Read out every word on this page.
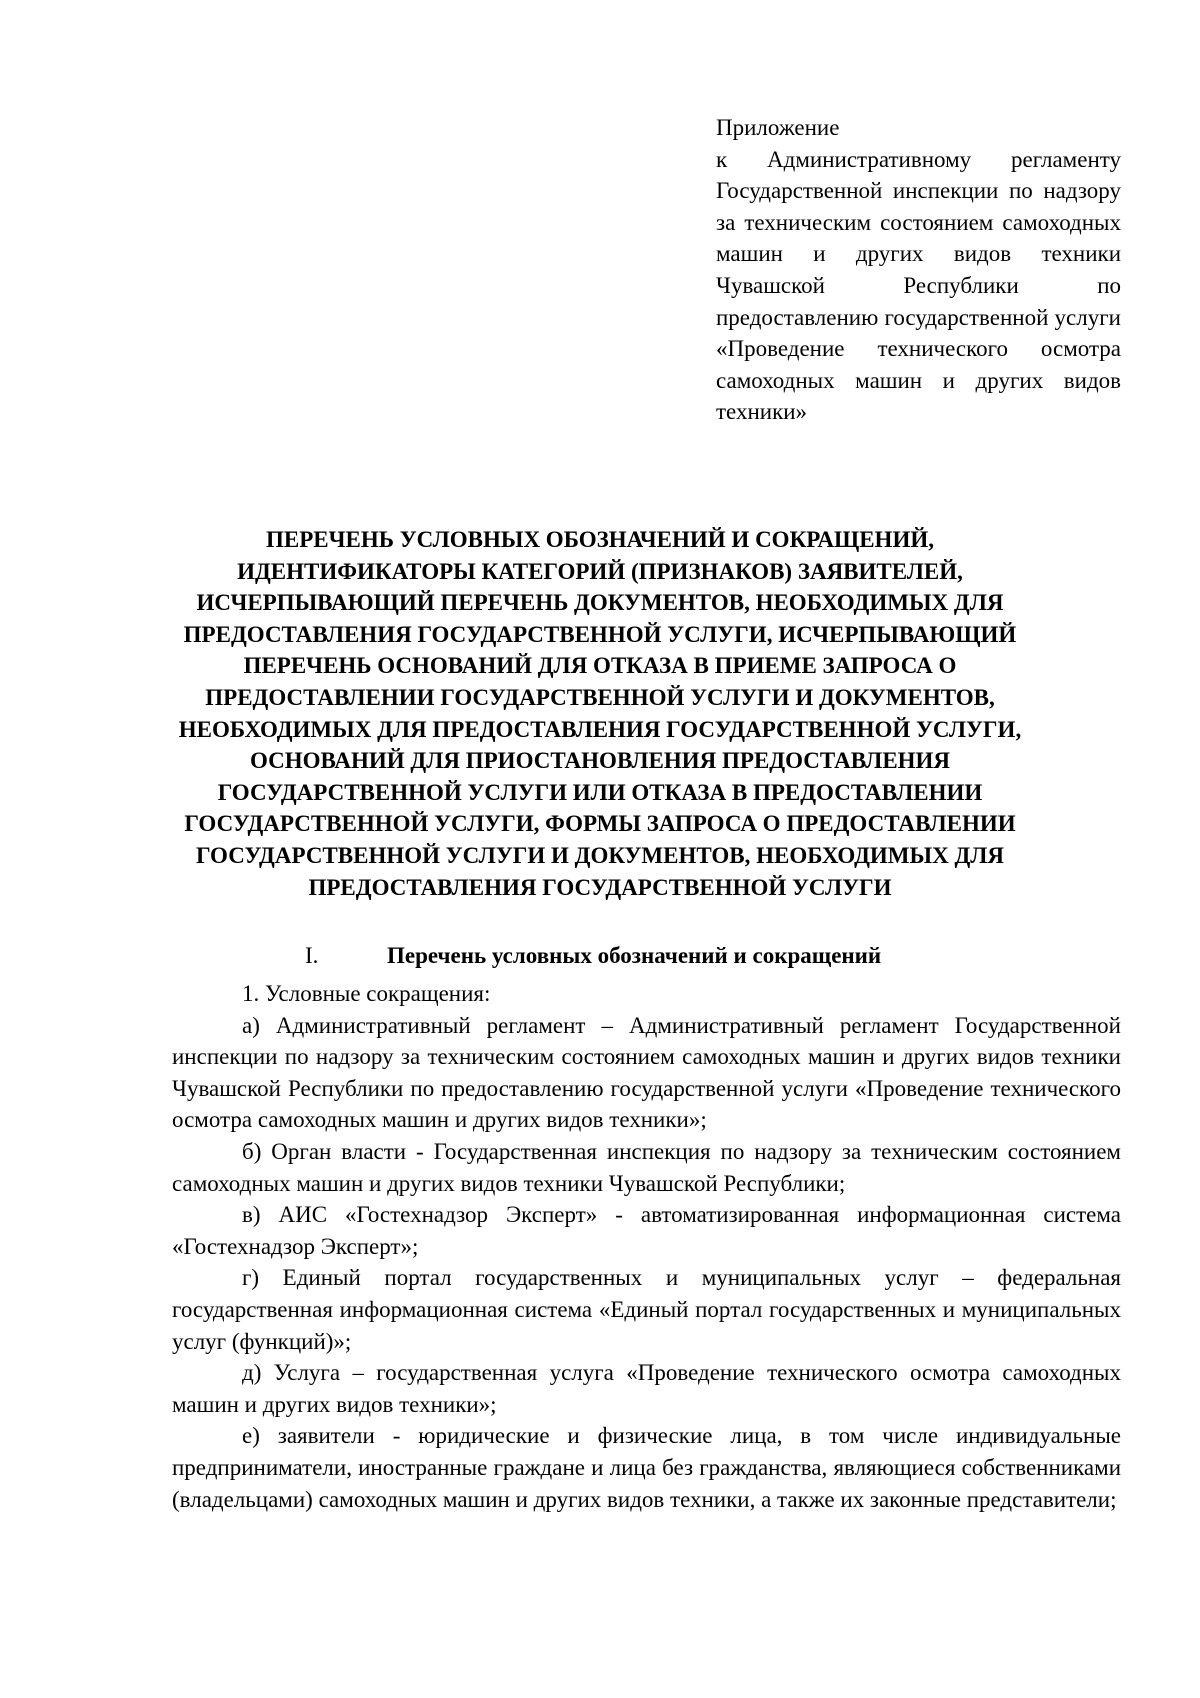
Приложение
к Административному регламенту Государственной инспекции по надзору за техническим состоянием самоходных машин и других видов техники Чувашской Республики по предоставлению государственной услуги «Проведение технического осмотра самоходных машин и других видов техники»
ПЕРЕЧЕНЬ УСЛОВНЫХ ОБОЗНАЧЕНИЙ И СОКРАЩЕНИЙ, ИДЕНТИФИКАТОРЫ КАТЕГОРИЙ (ПРИЗНАКОВ) ЗАЯВИТЕЛЕЙ, ИСЧЕРПЫВАЮЩИЙ ПЕРЕЧЕНЬ ДОКУМЕНТОВ, НЕОБХОДИМЫХ ДЛЯ ПРЕДОСТАВЛЕНИЯ ГОСУДАРСТВЕННОЙ УСЛУГИ, ИСЧЕРПЫВАЮЩИЙ ПЕРЕЧЕНЬ ОСНОВАНИЙ ДЛЯ ОТКАЗА В ПРИЕМЕ ЗАПРОСА О ПРЕДОСТАВЛЕНИИ ГОСУДАРСТВЕННОЙ УСЛУГИ И ДОКУМЕНТОВ, НЕОБХОДИМЫХ ДЛЯ ПРЕДОСТАВЛЕНИЯ ГОСУДАРСТВЕННОЙ УСЛУГИ, ОСНОВАНИЙ ДЛЯ ПРИОСТАНОВЛЕНИЯ ПРЕДОСТАВЛЕНИЯ ГОСУДАРСТВЕННОЙ УСЛУГИ ИЛИ ОТКАЗА В ПРЕДОСТАВЛЕНИИ ГОСУДАРСТВЕННОЙ УСЛУГИ, ФОРМЫ ЗАПРОСА О ПРЕДОСТАВЛЕНИИ ГОСУДАРСТВЕННОЙ УСЛУГИ И ДОКУМЕНТОВ, НЕОБХОДИМЫХ ДЛЯ ПРЕДОСТАВЛЕНИЯ ГОСУДАРСТВЕННОЙ УСЛУГИ
I.	Перечень условных обозначений и сокращений

1. Условные сокращения:

а) Административный регламент – Административный регламент Государственной инспекции по надзору за техническим состоянием самоходных машин и других видов техники Чувашской Республики по предоставлению государственной услуги «Проведение технического осмотра самоходных машин и других видов техники»;

б) Орган власти - Государственная инспекция по надзору за техническим состоянием самоходных машин и других видов техники Чувашской Республики;

в) АИС «Гостехнадзор Эксперт» - автоматизированная информационная система «Гостехнадзор Эксперт»;

г) Единый портал государственных и муниципальных услуг – федеральная государственная информационная система «Единый портал государственных и муниципальных услуг (функций)»;

д) Услуга – государственная услуга «Проведение технического осмотра самоходных машин и других видов техники»;

е) заявители - юридические и физические лица, в том числе индивидуальные предприниматели, иностранные граждане и лица без гражданства, являющиеся собственниками (владельцами) самоходных машин и других видов техники, а также их законные представители;
